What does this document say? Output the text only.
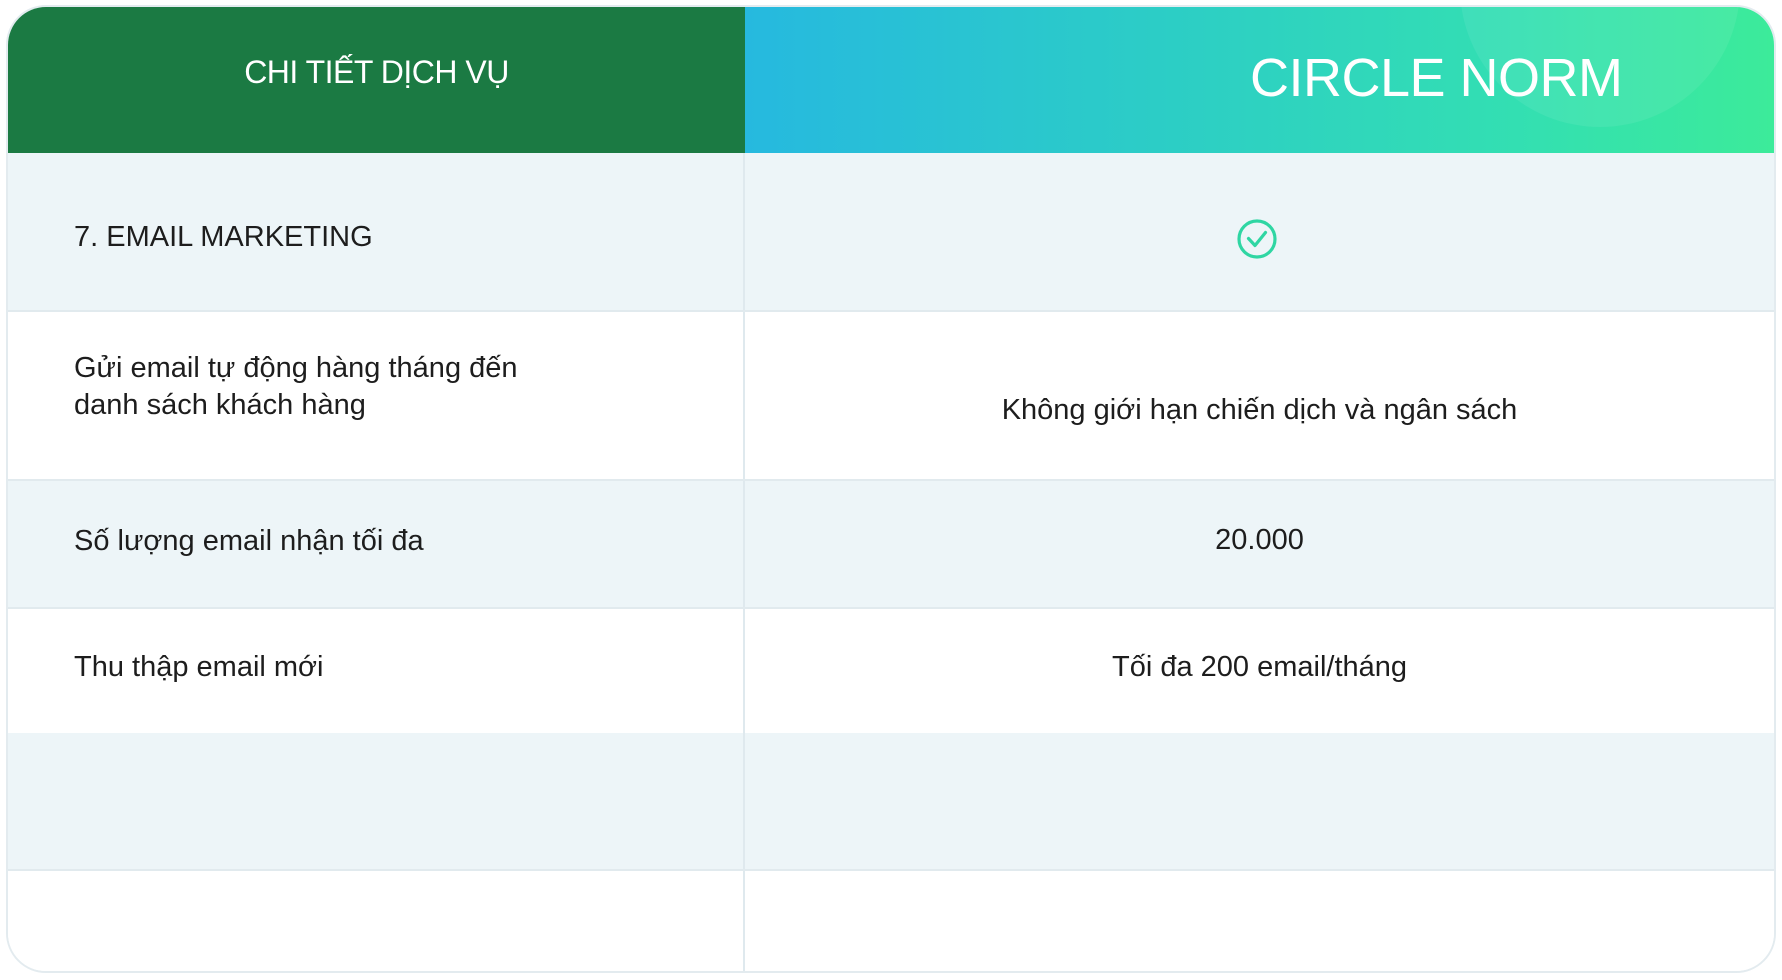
CHI TIẾT DỊCH VỤ	CIRCLE NORM
7. EMAIL MARKETING
Gửi email tự động hàng tháng đến
danh sách khách hàng	Không giới hạn chiến dịch và ngân sách
Số lượng email nhận tối đa	20.000
Thu thập email mới	Tối đa 200 email/tháng
